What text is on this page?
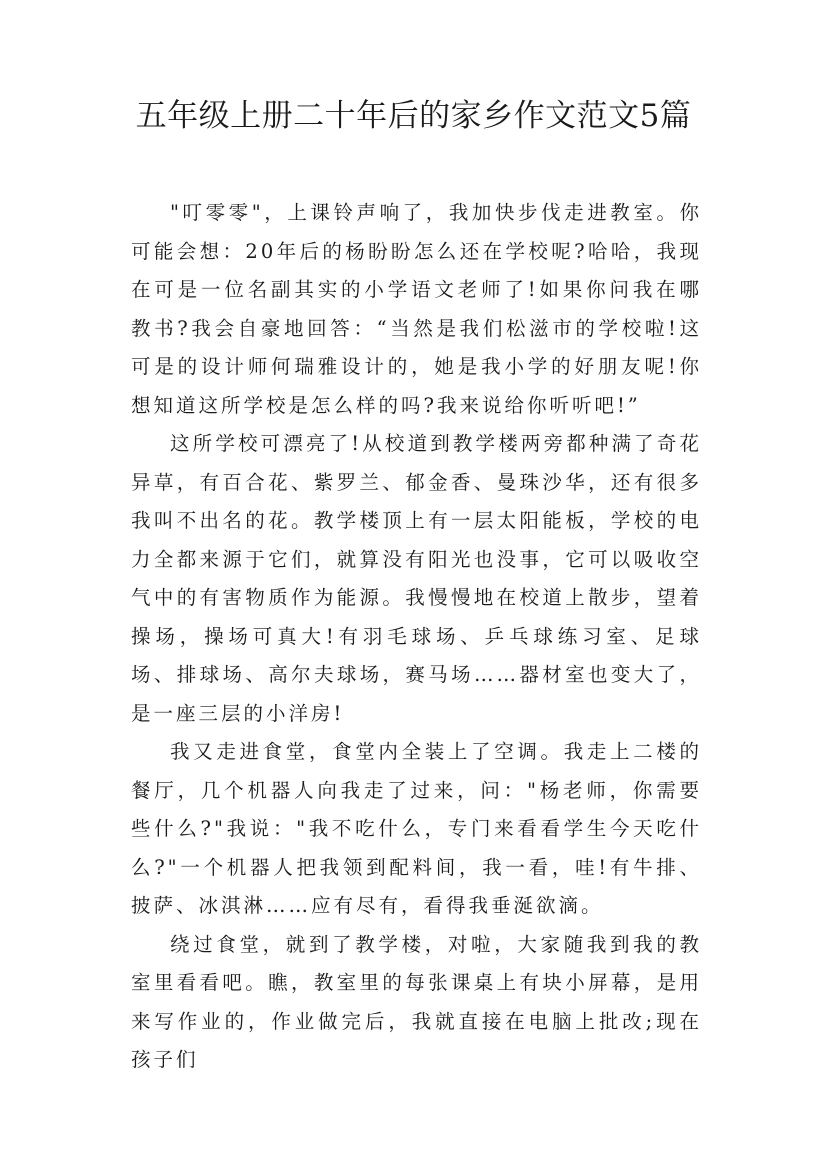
五年级上册二十年后的家乡作文范文5篇

"叮零零"，上课铃声响了，我加快步伐走进教室。你可能会想：20年后的杨盼盼怎么还在学校呢?哈哈，我现在可是一位名副其实的小学语文老师了!如果你问我在哪教书?我会自豪地回答：“当然是我们松滋市的学校啦!这可是的设计师何瑞雅设计的，她是我小学的好朋友呢!你想知道这所学校是怎么样的吗?我来说给你听听吧!”

这所学校可漂亮了!从校道到教学楼两旁都种满了奇花异草，有百合花、紫罗兰、郁金香、曼珠沙华，还有很多我叫不出名的花。教学楼顶上有一层太阳能板，学校的电力全都来源于它们，就算没有阳光也没事，它可以吸收空气中的有害物质作为能源。我慢慢地在校道上散步，望着操场，操场可真大!有羽毛球场、乒乓球练习室、足球场、排球场、高尔夫球场，赛马场……器材室也变大了，是一座三层的小洋房!

我又走进食堂，食堂内全装上了空调。我走上二楼的餐厅，几个机器人向我走了过来，问："杨老师，你需要些什么?"我说："我不吃什么，专门来看看学生今天吃什么?"一个机器人把我领到配料间，我一看，哇!有牛排、披萨、冰淇淋……应有尽有，看得我垂涎欲滴。

绕过食堂，就到了教学楼，对啦，大家随我到我的教室里看看吧。瞧，教室里的每张课桌上有块小屏幕，是用来写作业的，作业做完后，我就直接在电脑上批改;现在孩子们
